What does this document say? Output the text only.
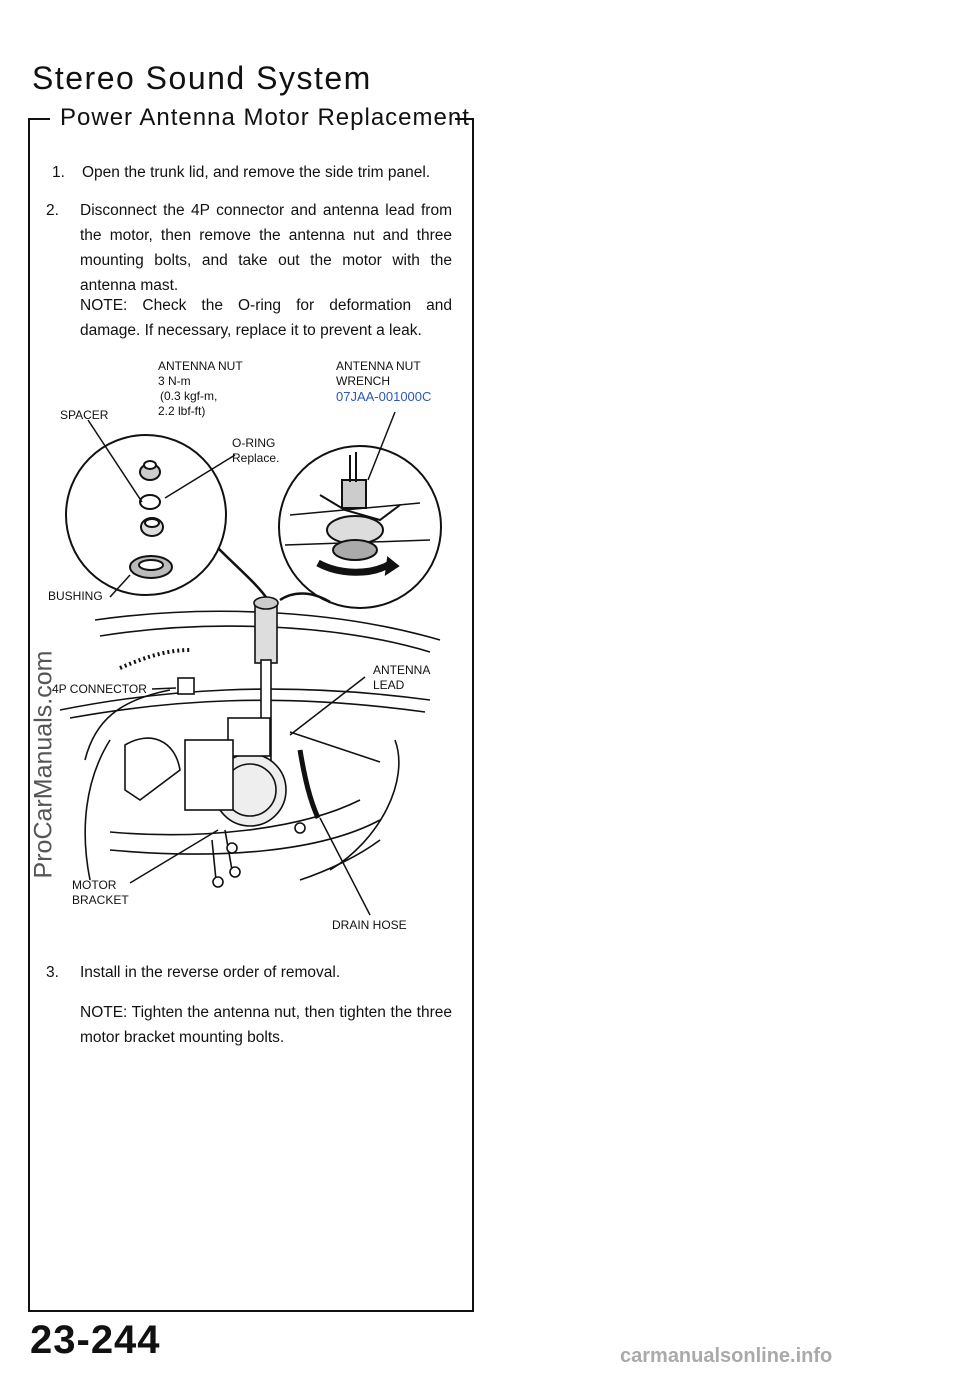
Stereo Sound System
Power Antenna Motor Replacement
1. Open the trunk lid, and remove the side trim panel.
2. Disconnect the 4P connector and antenna lead from the motor, then remove the antenna nut and three mounting bolts, and take out the motor with the antenna mast.
NOTE: Check the O-ring for deformation and damage. If necessary, replace it to prevent a leak.
ANTENNA NUT
3 N-m
(0.3 kgf-m,
2.2 lbf-ft)
ANTENNA NUT
WRENCH
07JAA-001000C
SPACER
O-RING
Replace.
BUSHING
ANTENNA
LEAD
4P CONNECTOR
MOTOR
BRACKET
DRAIN HOSE
3. Install in the reverse order of removal.
NOTE: Tighten the antenna nut, then tighten the three motor bracket mounting bolts.
ProCarManuals.com
23-244	carmanualsonline.info
